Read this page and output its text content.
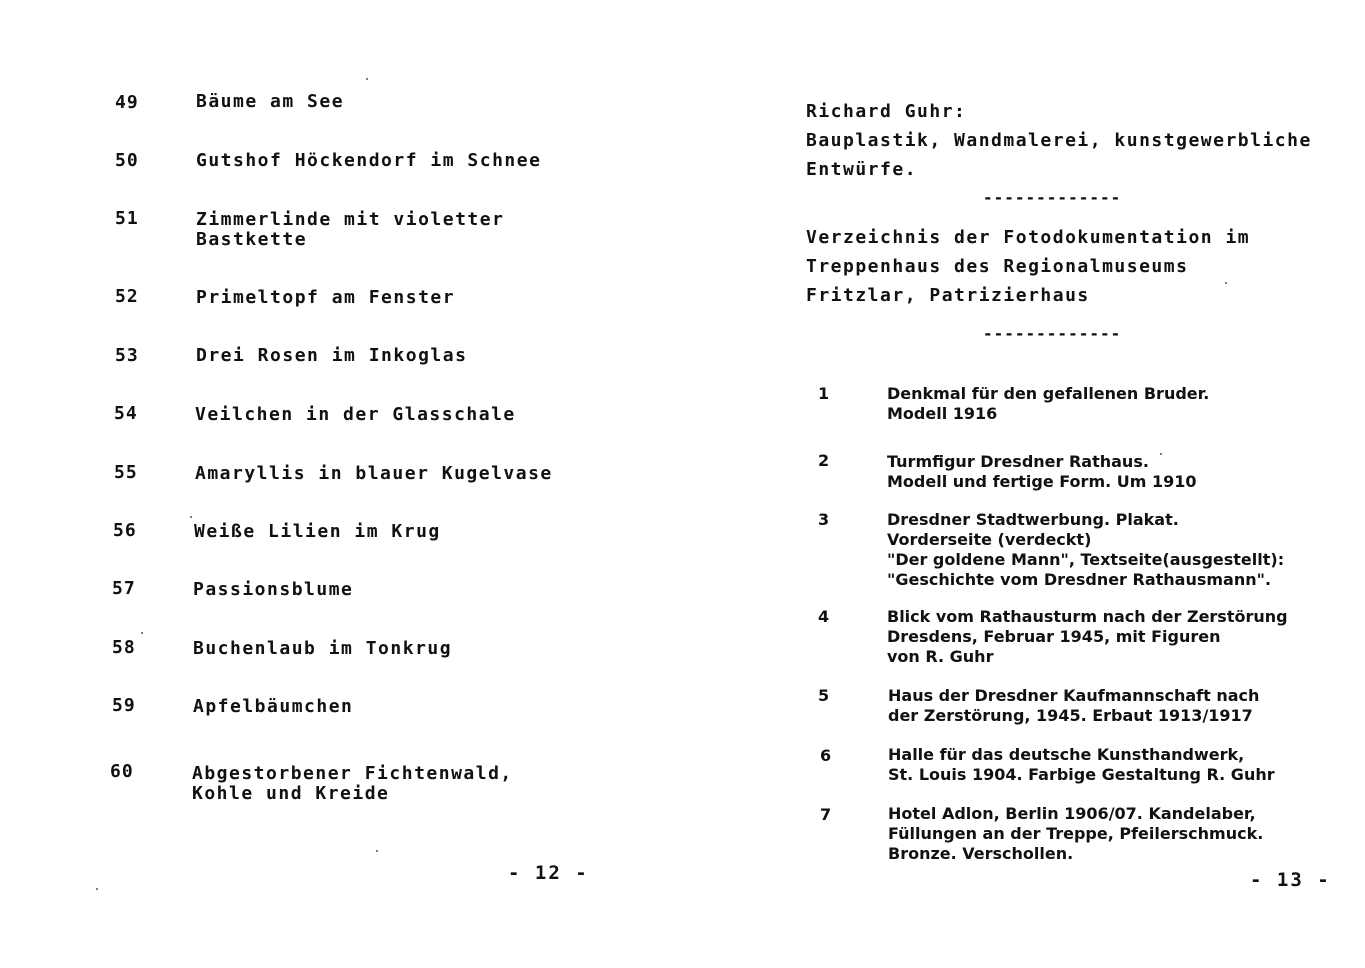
49	Bäume am See
50	Gutshof Höckendorf im Schnee
51	Zimmerlinde mit violetter
Bastkette
52	Primeltopf am Fenster
53	Drei Rosen im Inkoglas
54	Veilchen in der Glasschale
55	Amaryllis in blauer Kugelvase
56	Weiße Lilien im Krug
57	Passionsblume
58	Buchenlaub im Tonkrug
59	Apfelbäumchen
60	Abgestorbener Fichtenwald,
Kohle und Kreide
- 12 -
Richard Guhr:
Bauplastik, Wandmalerei, kunstgewerbliche
Entwürfe.
-------------
Verzeichnis der Fotodokumentation im
Treppenhaus des Regionalmuseums
Fritzlar, Patrizierhaus
-------------
1	Denkmal für den gefallenen Bruder.
Modell 1916
2	Turmfigur Dresdner Rathaus.
Modell und fertige Form. Um 1910
3	Dresdner Stadtwerbung. Plakat.
Vorderseite (verdeckt)
"Der goldene Mann", Textseite(ausgestellt):
"Geschichte vom Dresdner Rathausmann".
4	Blick vom Rathausturm nach der Zerstörung
Dresdens, Februar 1945, mit Figuren
von R. Guhr
5	Haus der Dresdner Kaufmannschaft nach
der Zerstörung, 1945. Erbaut 1913/1917
6	Halle für das deutsche Kunsthandwerk,
St. Louis 1904. Farbige Gestaltung R. Guhr
7	Hotel Adlon, Berlin 1906/07. Kandelaber,
Füllungen an der Treppe, Pfeilerschmuck.
Bronze. Verschollen.
- 13 -
